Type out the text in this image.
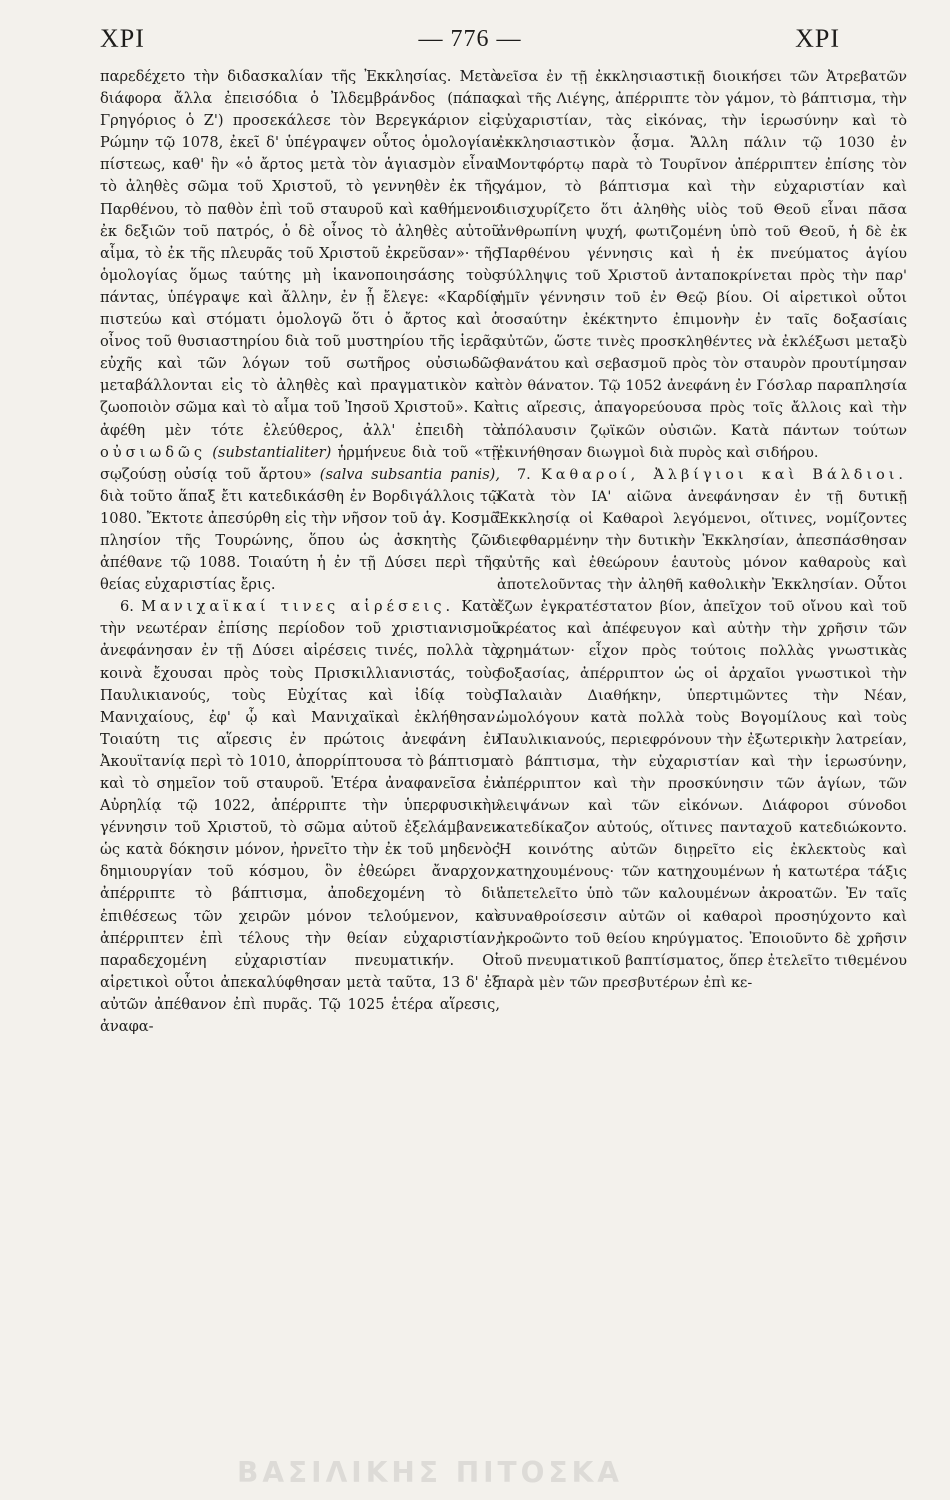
ΧΡΙ	— 776 —	ΧΡΙ

παρεδέχετο τὴν διδασκαλίαν τῆς Ἐκκλησίας. Μετὰ διάφορα ἄλλα ἐπεισόδια ὁ Ἰλδεμβράνδος (πάπας Γρηγόριος ὁ Ζ') προσεκάλεσε τὸν Βερεγκάριον εἰς Ρώμην τῷ 1078, ἐκεῖ δ' ὑπέγραψεν οὗτος ὁμολογίαν πίστεως, καθ' ἣν «ὁ ἄρτος μετὰ τὸν ἁγιασμὸν εἶναι τὸ ἀληθὲς σῶμα τοῦ Χριστοῦ, τὸ γεννηθὲν ἐκ τῆς Παρθένου, τὸ παθὸν ἐπὶ τοῦ σταυροῦ καὶ καθήμενον ἐκ δεξιῶν τοῦ πατρός, ὁ δὲ οἶνος τὸ ἀληθὲς αὐτοῦ αἷμα, τὸ ἐκ τῆς πλευρᾶς τοῦ Χριστοῦ ἐκρεῦσαν»· τῆς ὁμολογίας ὅμως ταύτης μὴ ἱκανοποιησάσης τοὺς πάντας, ὑπέγραψε καὶ ἄλλην, ἐν ᾗ ἔλεγε: «Καρδίᾳ πιστεύω καὶ στόματι ὁμολογῶ ὅτι ὁ ἄρτος καὶ ὁ οἶνος τοῦ θυσιαστηρίου διὰ τοῦ μυστηρίου τῆς ἱερᾶς εὐχῆς καὶ τῶν λόγων τοῦ σωτῆρος οὐσιωδῶς μεταβάλλονται εἰς τὸ ἀληθὲς καὶ πραγματικὸν καὶ ζωοποιὸν σῶμα καὶ τὸ αἷμα τοῦ Ἰησοῦ Χριστοῦ». Καὶ ἀφέθη μὲν τότε ἐλεύθερος, ἀλλ' ἐπειδὴ τὸ οὐσιωδῶς (substantialiter) ἡρμήνευε διὰ τοῦ «τῇ σῳζούσῃ οὐσίᾳ τοῦ ἄρτου» (salva subsantia panis), διὰ τοῦτο ἅπαξ ἔτι κατεδικάσθη ἐν Βορδιγάλλοις τῷ 1080. Ἔκτοτε ἀπεσύρθη εἰς τὴν νῆσον τοῦ ἁγ. Κοσμᾶ πλησίον τῆς Τουρώνης, ὅπου ὡς ἀσκητὴς ζῶν ἀπέθανε τῷ 1088. Τοιαύτη ἡ ἐν τῇ Δύσει περὶ τῆς θείας εὐχαριστίας ἔρις.

6. Μανιχαϊκαί τινες αἱρέσεις. Κατὰ τὴν νεωτέραν ἐπίσης περίοδον τοῦ χριστιανισμοῦ ἀνεφάνησαν ἐν τῇ Δύσει αἱρέσεις τινές, πολλὰ τὰ κοινὰ ἔχουσαι πρὸς τοὺς Πρισκιλλιανιστάς, τοὺς Παυλικιανούς, τοὺς Εὐχίτας καὶ ἰδίᾳ τοὺς Μανιχαίους, ἐφ' ᾧ καὶ Μανιχαϊκαὶ ἐκλήθησαν. Τοιαύτη τις αἵρεσις ἐν πρώτοις ἀνεφάνη ἐν Ἀκουϊτανίᾳ περὶ τὸ 1010, ἀπορρίπτουσα τὸ βάπτισμα καὶ τὸ σημεῖον τοῦ σταυροῦ. Ἑτέρα ἀναφανεῖσα ἐν Αὐρηλίᾳ τῷ 1022, ἀπέρριπτε τὴν ὑπερφυσικὴν γέννησιν τοῦ Χριστοῦ, τὸ σῶμα αὐτοῦ ἐξελάμβανεν ὡς κατὰ δόκησιν μόνον, ἠρνεῖτο τὴν ἐκ τοῦ μηδενὸς δημιουργίαν τοῦ κόσμου, ὃν ἐθεώρει ἄναρχον, ἀπέρριπτε τὸ βάπτισμα, ἀποδεχομένη τὸ δι' ἐπιθέσεως τῶν χειρῶν μόνον τελούμενον, καὶ ἀπέρριπτεν ἐπὶ τέλους τὴν θείαν εὐχαριστίαν, παραδεχομένη εὐχαριστίαν πνευματικήν. Οἱ αἱρετικοὶ οὗτοι ἀπεκαλύφθησαν μετὰ ταῦτα, 13 δ' ἐξ αὐτῶν ἀπέθανον ἐπὶ πυρᾶς. Τῷ 1025 ἑτέρα αἵρεσις, ἀναφα-

νεῖσα ἐν τῇ ἐκκλησιαστικῇ διοικήσει τῶν Ἀτρεβατῶν καὶ τῆς Λιέγης, ἀπέρριπτε τὸν γάμον, τὸ βάπτισμα, τὴν εὐχαριστίαν, τὰς εἰκόνας, τὴν ἱερωσύνην καὶ τὸ ἐκκλησιαστικὸν ᾆσμα. Ἄλλη πάλιν τῷ 1030 ἐν Μοντφόρτῳ παρὰ τὸ Τουρῖνον ἀπέρριπτεν ἐπίσης τὸν γάμον, τὸ βάπτισμα καὶ τὴν εὐχαριστίαν καὶ διισχυρίζετο ὅτι ἀληθὴς υἱὸς τοῦ Θεοῦ εἶναι πᾶσα ἀνθρωπίνη ψυχή, φωτιζομένη ὑπὸ τοῦ Θεοῦ, ἡ δὲ ἐκ Παρθένου γέννησις καὶ ἡ ἐκ πνεύματος ἁγίου σύλληψις τοῦ Χριστοῦ ἀνταποκρίνεται πρὸς τὴν παρ' ἡμῖν γέννησιν τοῦ ἐν Θεῷ βίου. Οἱ αἱρετικοὶ οὗτοι τοσαύτην ἐκέκτηντο ἐπιμονὴν ἐν ταῖς δοξασίαις αὐτῶν, ὥστε τινὲς προσκληθέντες νὰ ἐκλέξωσι μεταξὺ θανάτου καὶ σεβασμοῦ πρὸς τὸν σταυρὸν προυτίμησαν τὸν θάνατον. Τῷ 1052 ἀνεφάνη ἐν Γόσλαρ παραπλησία τις αἵρεσις, ἀπαγορεύουσα πρὸς τοῖς ἄλλοις καὶ τὴν ἀπόλαυσιν ζῳϊκῶν οὐσιῶν. Κατὰ πάντων τούτων ἐκινήθησαν διωγμοὶ διὰ πυρὸς καὶ σιδήρου.

7. Καθαροί, Ἀλβίγιοι καὶ Βάλδιοι. Κατὰ τὸν ΙΑ' αἰῶνα ἀνεφάνησαν ἐν τῇ δυτικῇ Ἐκκλησίᾳ οἱ Καθαροὶ λεγόμενοι, οἵτινες, νομίζοντες διεφθαρμένην τὴν δυτικὴν Ἐκκλησίαν, ἀπεσπάσθησαν αὐτῆς καὶ ἐθεώρουν ἑαυτοὺς μόνον καθαροὺς καὶ ἀποτελοῦντας τὴν ἀληθῆ καθολικὴν Ἐκκλησίαν. Οὗτοι ἔζων ἐγκρατέστατον βίον, ἀπεῖχον τοῦ οἴνου καὶ τοῦ κρέατος καὶ ἀπέφευγον καὶ αὐτὴν τὴν χρῆσιν τῶν χρημάτων· εἶχον πρὸς τούτοις πολλὰς γνωστικὰς δοξασίας, ἀπέρριπτον ὡς οἱ ἀρχαῖοι γνωστικοὶ τὴν Παλαιὰν Διαθήκην, ὑπερτιμῶντες τὴν Νέαν, ὡμολόγουν κατὰ πολλὰ τοὺς Βογομίλους καὶ τοὺς Παυλικιανούς, περιεφρόνουν τὴν ἐξωτερικὴν λατρείαν, τὸ βάπτισμα, τὴν εὐχαριστίαν καὶ τὴν ἱερωσύνην, ἀπέρριπτον καὶ τὴν προσκύνησιν τῶν ἁγίων, τῶν λειψάνων καὶ τῶν εἰκόνων. Διάφοροι σύνοδοι κατεδίκαζον αὐτούς, οἵτινες πανταχοῦ κατεδιώκοντο. Ἡ κοινότης αὐτῶν διῃρεῖτο εἰς ἐκλεκτοὺς καὶ κατηχουμένους· τῶν κατηχουμένων ἡ κατωτέρα τάξις ἀπετελεῖτο ὑπὸ τῶν καλουμένων ἀκροατῶν. Ἐν ταῖς συναθροίσεσιν αὐτῶν οἱ καθαροὶ προσηύχοντο καὶ ἠκροῶντο τοῦ θείου κηρύγματος. Ἐποιοῦντο δὲ χρῆσιν τοῦ πνευματικοῦ βαπτίσματος, ὅπερ ἐτελεῖτο τιθεμένου παρὰ μὲν τῶν πρεσβυτέρων ἐπὶ κε-

ΒΑΣΙΛΙΚΗΣ ΠΙΤΟΣΚΑ
